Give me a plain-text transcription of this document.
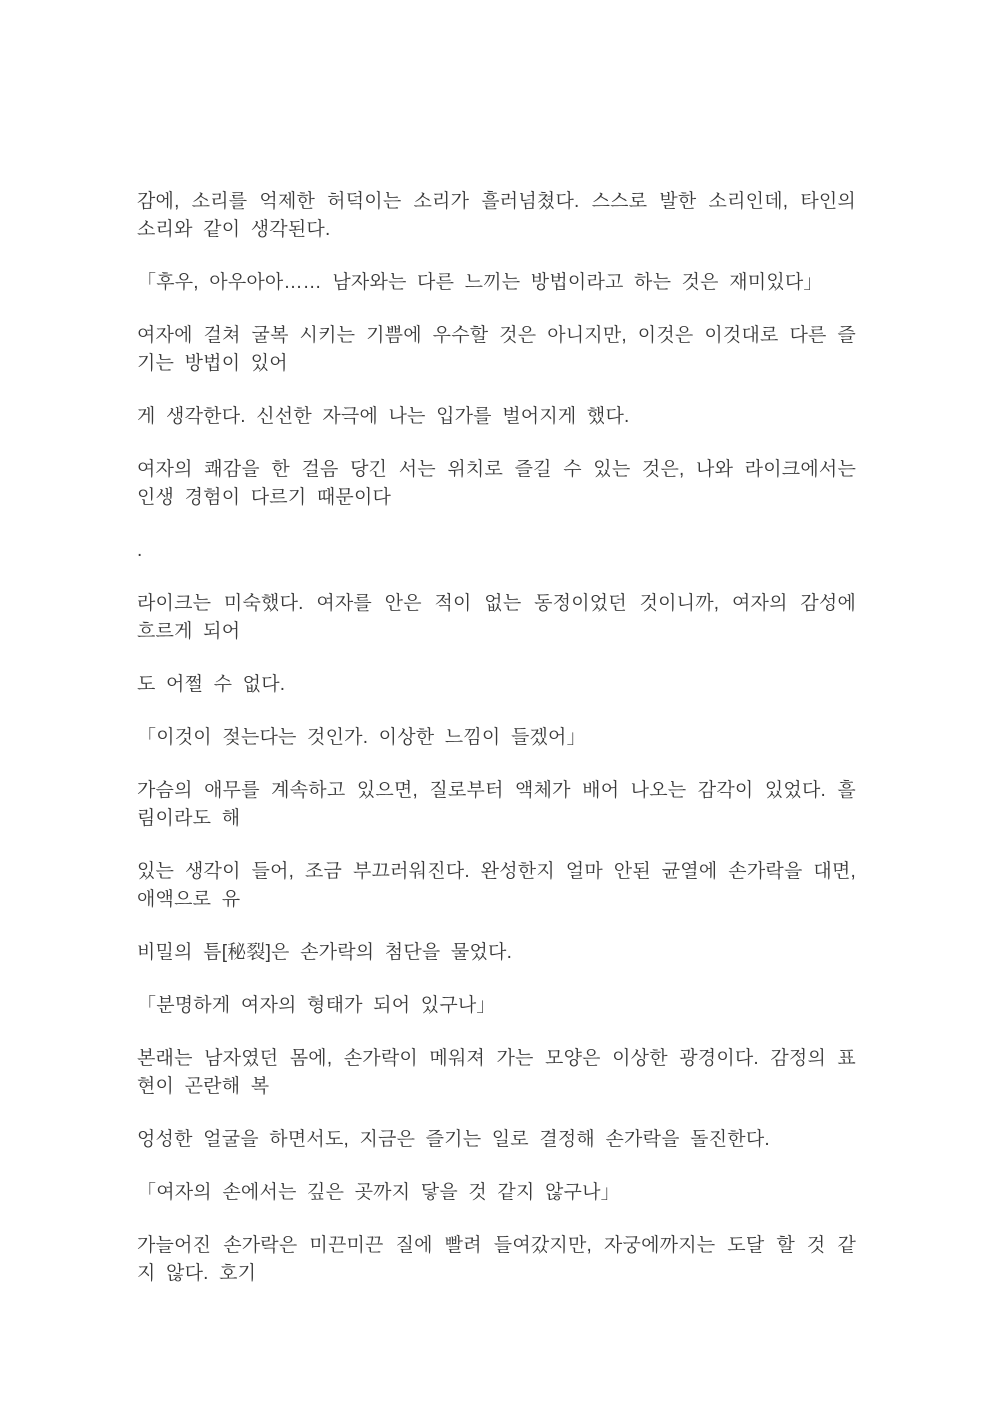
감에, 소리를 억제한 허덕이는 소리가 흘러넘쳤다. 스스로 발한 소리인데, 타인의 소리와 같이 생각된다.

「후우, 아우아아…… 남자와는 다른 느끼는 방법이라고 하는 것은 재미있다」

여자에 걸쳐 굴복 시키는 기쁨에 우수할 것은 아니지만, 이것은 이것대로 다른 즐기는 방법이 있어

게 생각한다. 신선한 자극에 나는 입가를 벌어지게 했다.

여자의 쾌감을 한 걸음 당긴 서는 위치로 즐길 수 있는 것은, 나와 라이크에서는 인생 경험이 다르기 때문이다

.

라이크는 미숙했다. 여자를 안은 적이 없는 동정이었던 것이니까, 여자의 감성에 흐르게 되어

도 어쩔 수 없다.

「이것이 젖는다는 것인가. 이상한 느낌이 들겠어」

가슴의 애무를 계속하고 있으면, 질로부터 액체가 배어 나오는 감각이 있었다. 흘림이라도 해

있는 생각이 들어, 조금 부끄러워진다. 완성한지 얼마 안된 균열에 손가락을 대면, 애액으로 유

비밀의 틈[秘裂]은 손가락의 첨단을 물었다.

「분명하게 여자의 형태가 되어 있구나」

본래는 남자였던 몸에, 손가락이 메워져 가는 모양은 이상한 광경이다. 감정의 표현이 곤란해 복

엉성한 얼굴을 하면서도, 지금은 즐기는 일로 결정해 손가락을 돌진한다.

「여자의 손에서는 깊은 곳까지 닿을 것 같지 않구나」

가늘어진 손가락은 미끈미끈 질에 빨려 들여갔지만, 자궁에까지는 도달 할 것 같지 않다. 호기
